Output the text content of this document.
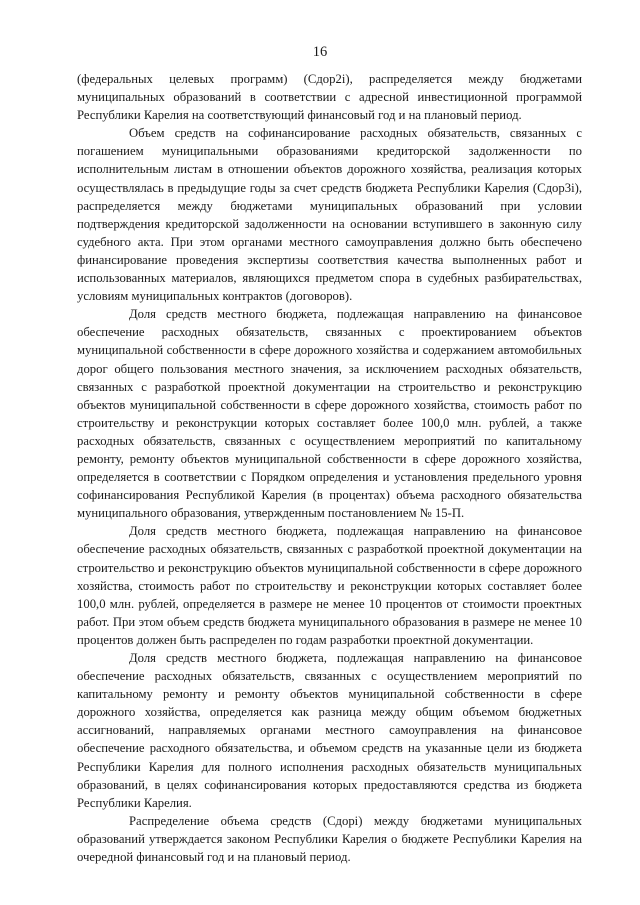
16

(федеральных целевых программ) (Сдор2i), распределяется между бюджетами муниципальных образований в соответствии с адресной инвестиционной программой Республики Карелия на соответствующий финансовый год и на плановый период.

Объем средств на софинансирование расходных обязательств, связанных с погашением муниципальными образованиями кредиторской задолженности по исполнительным листам в отношении объектов дорожного хозяйства, реализация которых осуществлялась в предыдущие годы за счет средств бюджета Республики Карелия (Сдор3i), распределяется между бюджетами муниципальных образований при условии подтверждения кредиторской задолженности на основании вступившего в законную силу судебного акта. При этом органами местного самоуправления должно быть обеспечено финансирование проведения экспертизы соответствия качества выполненных работ и использованных материалов, являющихся предметом спора в судебных разбирательствах, условиям муниципальных контрактов (договоров).

Доля средств местного бюджета, подлежащая направлению на финансовое обеспечение расходных обязательств, связанных с проектированием объектов муниципальной собственности в сфере дорожного хозяйства и содержанием автомобильных дорог общего пользования местного значения, за исключением расходных обязательств, связанных с разработкой проектной документации на строительство и реконструкцию объектов муниципальной собственности в сфере дорожного хозяйства, стоимость работ по строительству и реконструкции которых составляет более 100,0 млн. рублей, а также расходных обязательств, связанных с осуществлением мероприятий по капитальному ремонту, ремонту объектов муниципальной собственности в сфере дорожного хозяйства, определяется в соответствии с Порядком определения и установления предельного уровня софинансирования Республикой Карелия (в процентах) объема расходного обязательства муниципального образования, утвержденным постановлением № 15-П.

Доля средств местного бюджета, подлежащая направлению на финансовое обеспечение расходных обязательств, связанных с разработкой проектной документации на строительство и реконструкцию объектов муниципальной собственности в сфере дорожного хозяйства, стоимость работ по строительству и реконструкции которых составляет более 100,0 млн. рублей, определяется в размере не менее 10 процентов от стоимости проектных работ. При этом объем средств бюджета муниципального образования в размере не менее 10 процентов должен быть распределен по годам разработки проектной документации.

Доля средств местного бюджета, подлежащая направлению на финансовое обеспечение расходных обязательств, связанных с осуществлением мероприятий по капитальному ремонту и ремонту объектов муниципальной собственности в сфере дорожного хозяйства, определяется как разница между общим объемом бюджетных ассигнований, направляемых органами местного самоуправления на финансовое обеспечение расходного обязательства, и объемом средств на указанные цели из бюджета Республики Карелия для полного исполнения расходных обязательств муниципальных образований, в целях софинансирования которых предоставляются средства из бюджета Республики Карелия.

Распределение объема средств (Сдорi) между бюджетами муниципальных образований утверждается законом Республики Карелия о бюджете Республики Карелия на очередной финансовый год и на плановый период.
